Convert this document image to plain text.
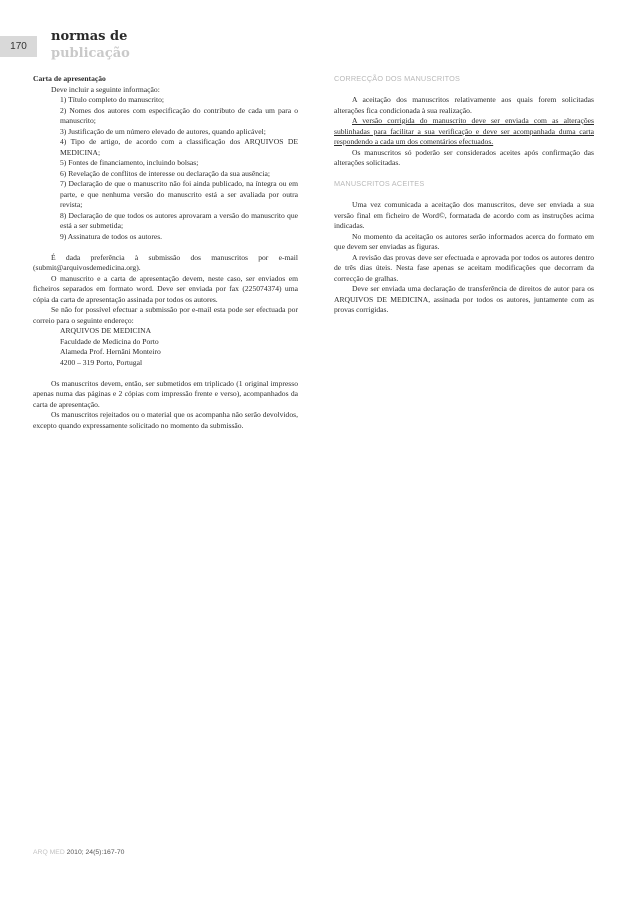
170
normas de
publicação

Carta de apresentação

Deve incluir a seguinte informação:

1) Título completo do manuscrito;

2) Nomes dos autores com especificação do contributo de cada um para o manuscrito;

3) Justificação de um número elevado de autores, quando aplicável;

4) Tipo de artigo, de acordo com a classificação dos ARQUIVOS DE MEDICINA;

5) Fontes de financiamento, incluindo bolsas;

6) Revelação de conflitos de interesse ou declaração da sua ausência;

7) Declaração de que o manuscrito não foi ainda publicado, na íntegra ou em parte, e que nenhuma versão do manuscrito está a ser avaliada por outra revista;

8) Declaração de que todos os autores aprovaram a versão do manuscrito que está a ser submetida;

9) Assinatura de todos os autores.

É dada preferência à submissão dos manuscritos por e-mail (submit@arquivosdemedicina.org).

O manuscrito e a carta de apresentação devem, neste caso, ser enviados em ficheiros separados em formato word. Deve ser enviada por fax (225074374) uma cópia da carta de apresentação assinada por todos os autores.

Se não for possível efectuar a submissão por e-mail esta pode ser efectuada por correio para o seguinte endereço:

ARQUIVOS DE MEDICINA

Faculdade de Medicina do Porto

Alameda Prof. Hernâni Monteiro

4200 – 319 Porto, Portugal

Os manuscritos devem, então, ser submetidos em triplicado (1 original impresso apenas numa das páginas e 2 cópias com impressão frente e verso), acompanhados da carta de apresentação.

Os manuscritos rejeitados ou o material que os acompanha não serão devolvidos, excepto quando expressamente solicitado no momento da submissão.

CORRECÇÃO DOS MANUSCRITOS

A aceitação dos manuscritos relativamente aos quais forem solicitadas alterações fica condicionada à sua realização.

A versão corrigida do manuscrito deve ser enviada com as alterações sublinhadas para facilitar a sua verificação e deve ser acompanhada duma carta respondendo a cada um dos comentários efectuados.

Os manuscritos só poderão ser considerados aceites após confirmação das alterações solicitadas.

MANUSCRITOS ACEITES

Uma vez comunicada a aceitação dos manuscritos, deve ser enviada a sua versão final em ficheiro de Word©, formatada de acordo com as instruções acima indicadas.

No momento da aceitação os autores serão informados acerca do formato em que devem ser enviadas as figuras.

A revisão das provas deve ser efectuada e aprovada por todos os autores dentro de três dias úteis. Nesta fase apenas se aceitam modificações que decorram da correcção de gralhas.

Deve ser enviada uma declaração de transferência de direitos de autor para os ARQUIVOS DE MEDICINA, assinada por todos os autores, juntamente com as provas corrigidas.

ARQ MED 2010; 24(5):167-70
